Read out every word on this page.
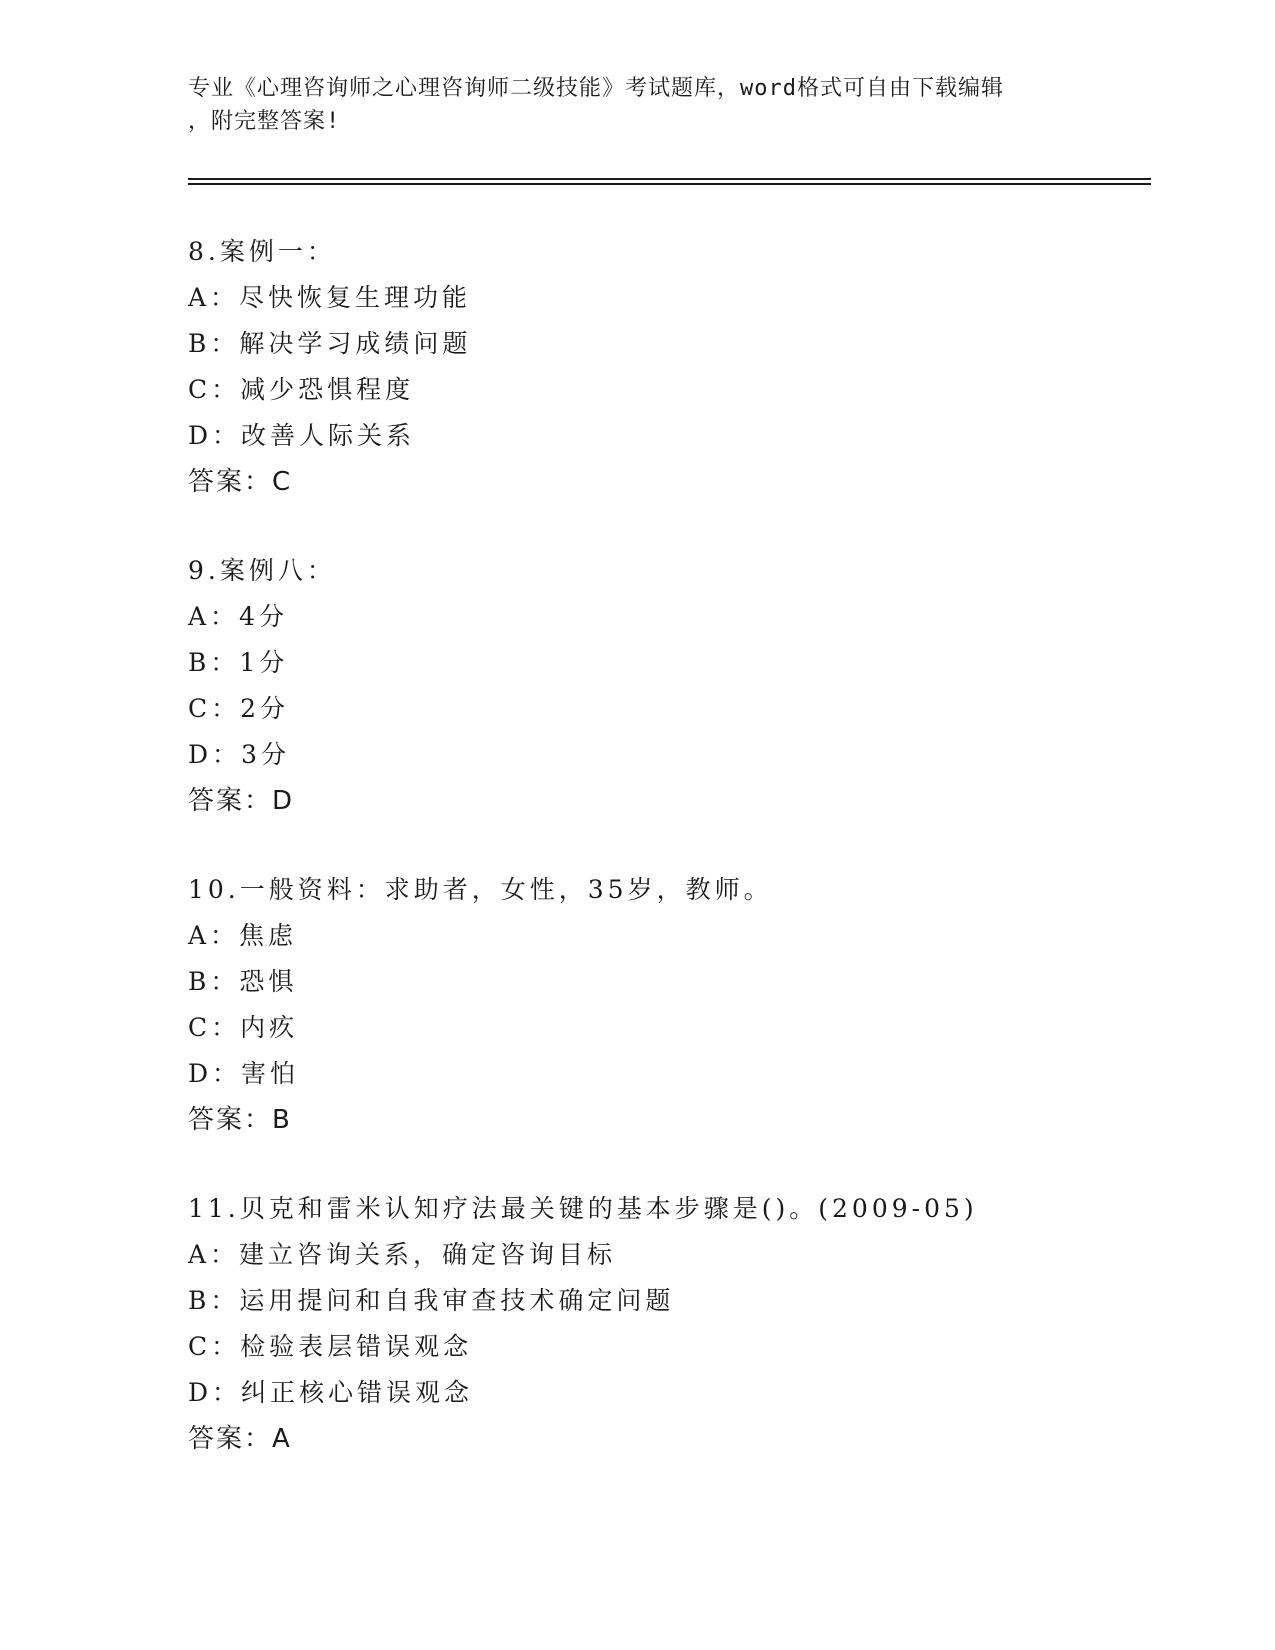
专业《心理咨询师之心理咨询师二级技能》考试题库，word格式可自由下载编辑
，附完整答案!
8.案例一：
A：尽快恢复生理功能
B：解决学习成绩问题
C：减少恐惧程度
D：改善人际关系
答案：C
9.案例八：
A：4分
B：1分
C：2分
D：3分
答案：D
10.一般资料：求助者，女性，35岁，教师。
A：焦虑
B：恐惧
C：内疚
D：害怕
答案：B
11.贝克和雷米认知疗法最关键的基本步骤是()。(2009-05)
A：建立咨询关系，确定咨询目标
B：运用提问和自我审查技术确定问题
C：检验表层错误观念
D：纠正核心错误观念
答案：A
